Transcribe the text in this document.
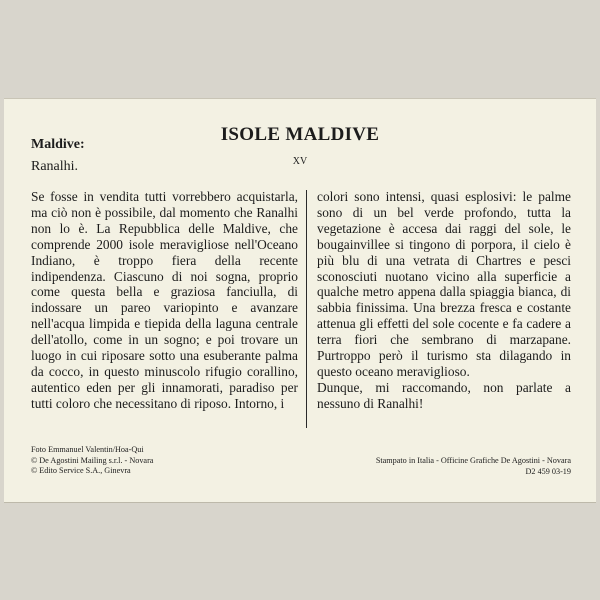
Maldive:
Ranalhi.
ISOLE MALDIVE
XV

Se fosse in vendita tutti vorrebbero acquistarla, ma ciò non è possibile, dal momento che Ranalhi non lo è. La Repubblica delle Maldive, che comprende 2000 isole meravigliose nell'Oceano Indiano, è troppo fiera della recente indipendenza. Ciascuno di noi sogna, proprio come questa bella e graziosa fanciulla, di indossare un pareo variopinto e avanzare nell'acqua limpida e tiepida della laguna centrale dell'atollo, come in un sogno; e poi trovare un luogo in cui riposare sotto una esuberante palma da cocco, in questo minuscolo rifugio corallino, autentico eden per gli innamorati, paradiso per tutti coloro che necessitano di riposo. Intorno, i

colori sono intensi, quasi esplosivi: le palme sono di un bel verde profondo, tutta la vegetazione è accesa dai raggi del sole, le bougainvillee si tingono di porpora, il cielo è più blu di una vetrata di Chartres e pesci sconosciuti nuotano vicino alla superficie a qualche metro appena dalla spiaggia bianca, di sabbia finissima. Una brezza fresca e costante attenua gli effetti del sole cocente e fa cadere a terra fiori che sembrano di marzapane. Purtroppo però il turismo sta dilagando in questo oceano meraviglioso.
Dunque, mi raccomando, non parlate a nessuno di Ranalhi!
Foto Emmanuel Valentin/Hoa-Qui
© De Agostini Mailing s.r.l. - Novara
© Edito Service S.A., Ginevra
Stampato in Italia - Officine Grafiche De Agostini - Novara
D2 459 03-19
